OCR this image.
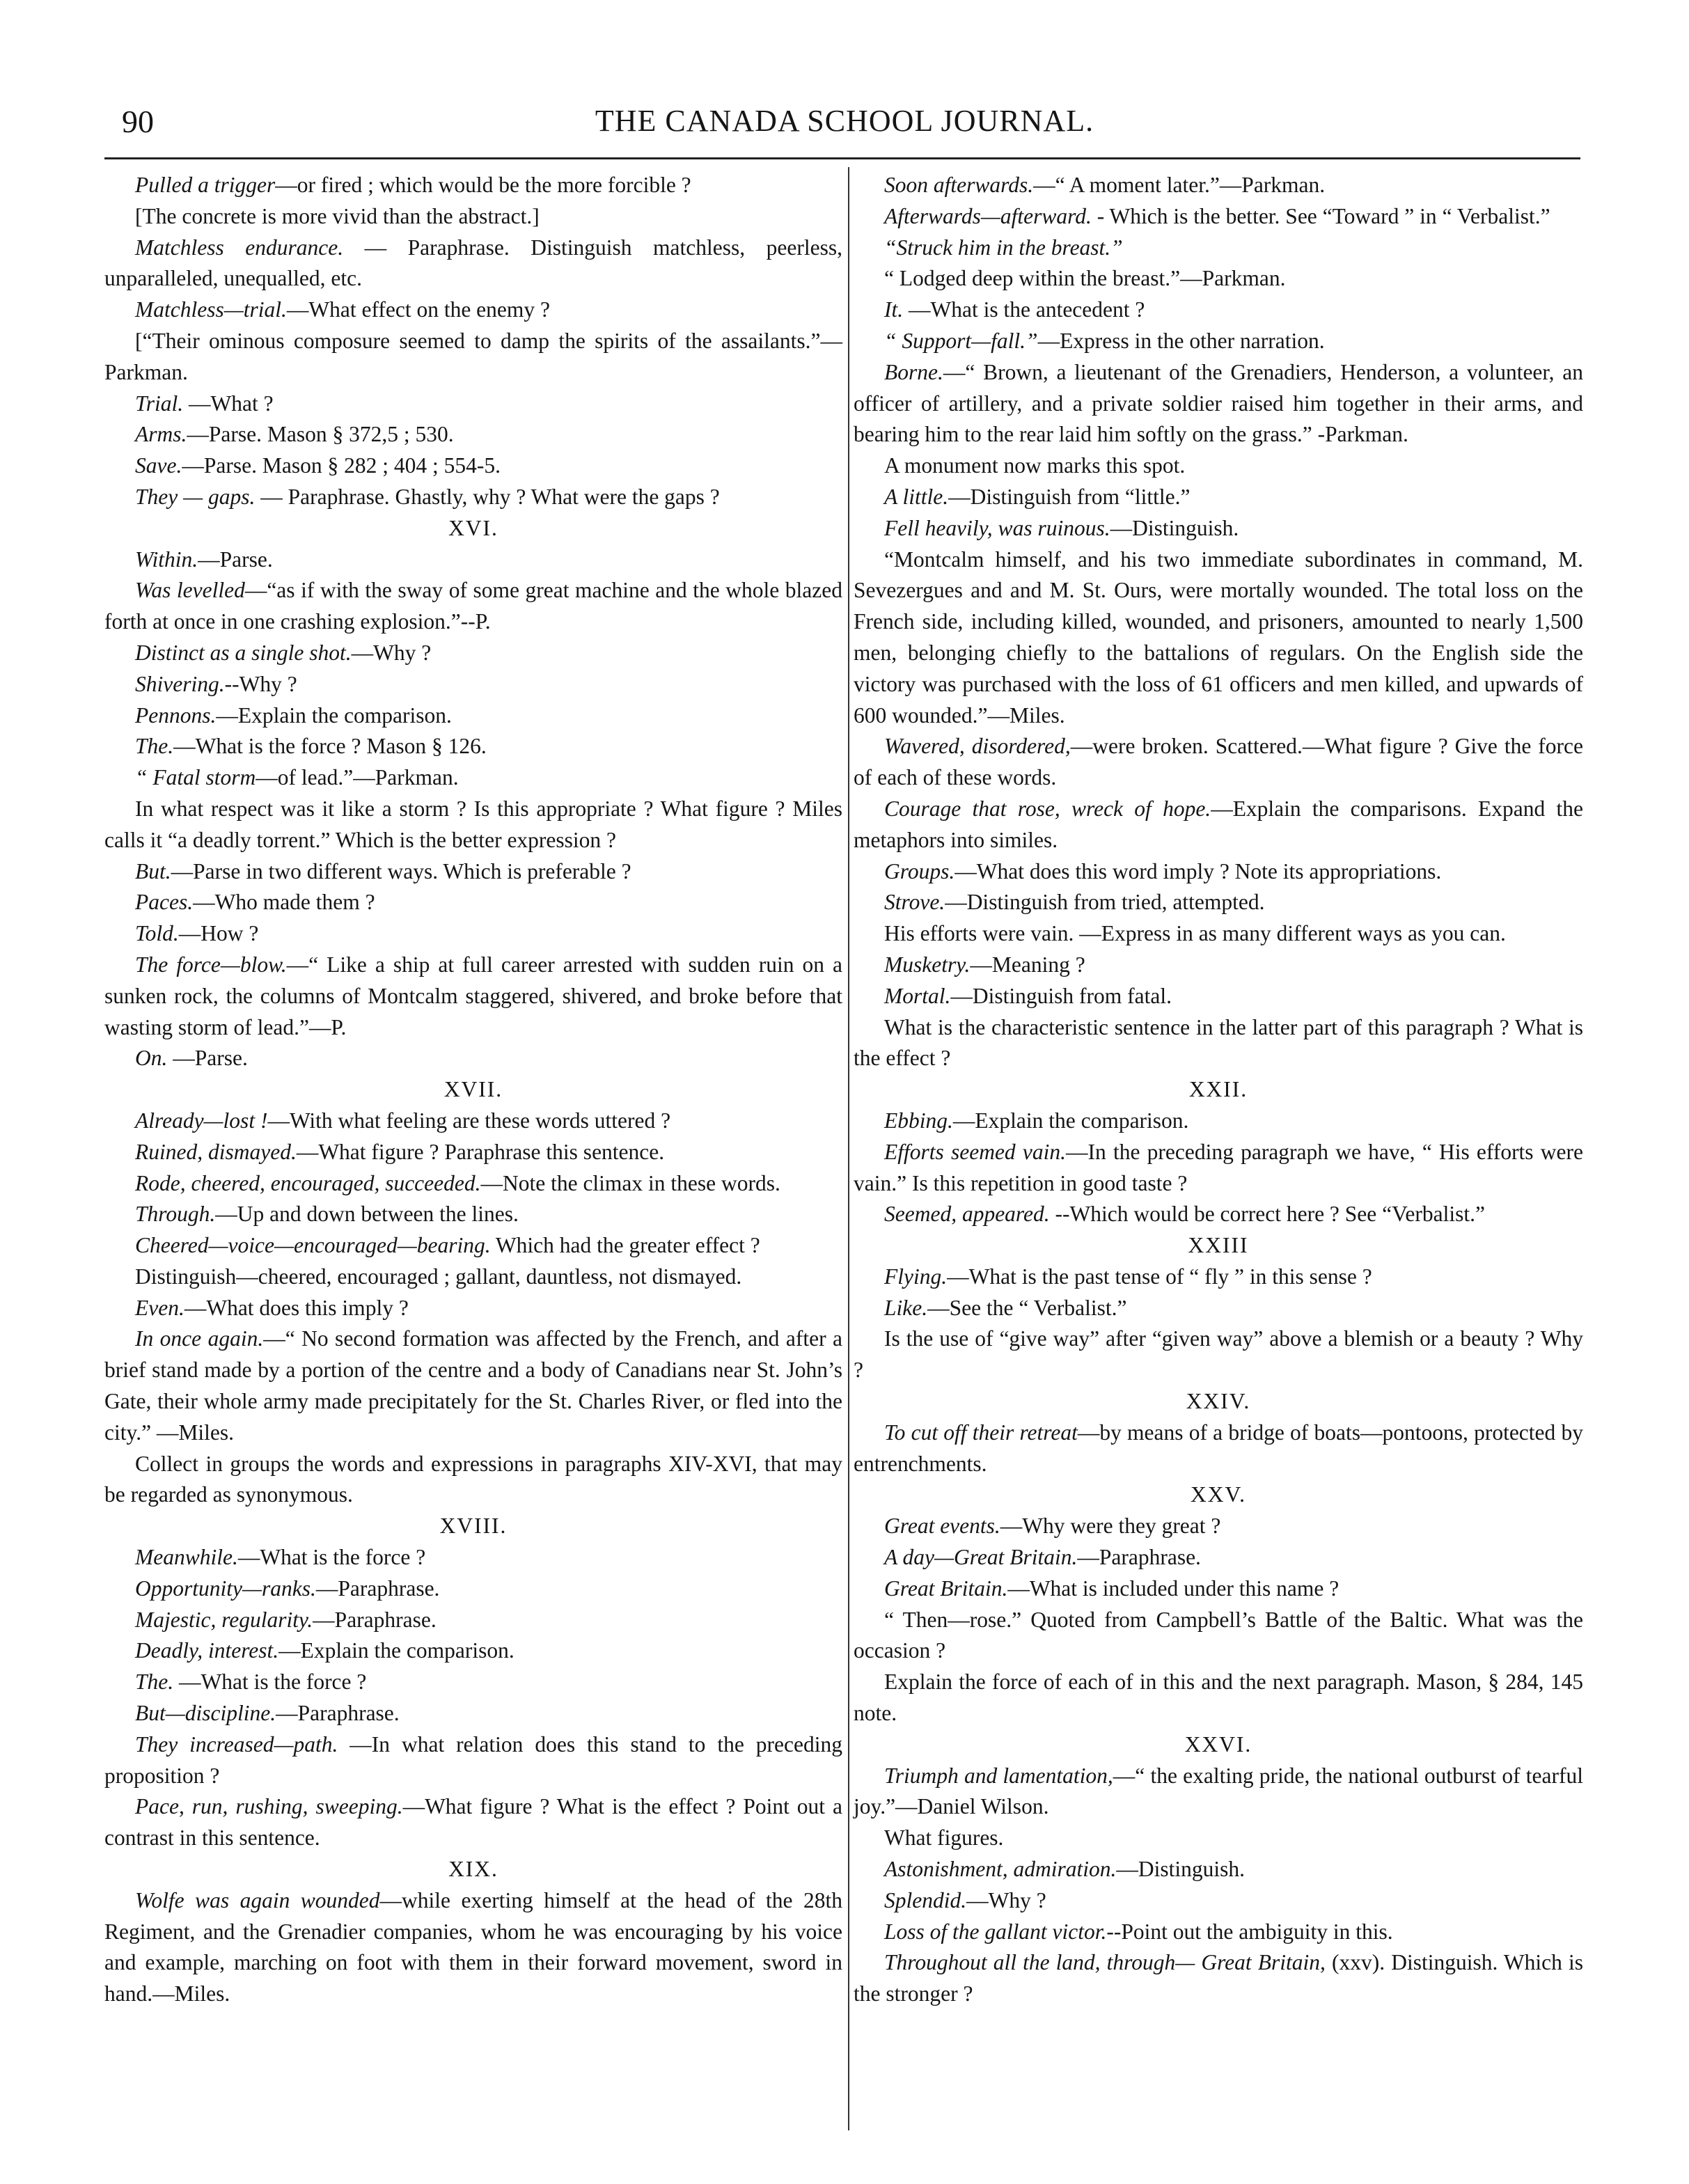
90	THE CANADA SCHOOL JOURNAL.
Pulled a trigger—or fired ; which would be the more forcible ?
[The concrete is more vivid than the abstract.]
Matchless endurance. — Paraphrase. Distinguish matchless, peerless, unparalleled, unequalled, etc.
Matchless—trial.—What effect on the enemy ?
[“Their ominous composure seemed to damp the spirits of the assailants.”—Parkman.
Trial. —What ?
Arms.—Parse. Mason § 372,5 ; 530.
Save.—Parse. Mason § 282 ; 404 ; 554-5.
They — gaps. — Paraphrase. Ghastly, why ? What were the gaps ?
XVI.
Within.—Parse.
Was levelled—“as if with the sway of some great machine and the whole blazed forth at once in one crashing explosion.”--P.
Distinct as a single shot.—Why ?
Shivering.--Why ?
Pennons.—Explain the comparison.
The.—What is the force ? Mason § 126.
“ Fatal storm—of lead.”—Parkman.
In what respect was it like a storm ? Is this appropriate ? What figure ? Miles calls it “a deadly torrent.” Which is the better expression ?
But.—Parse in two different ways. Which is preferable ?
Paces.—Who made them ?
Told.—How ?
The force—blow.—“ Like a ship at full career arrested with sudden ruin on a sunken rock, the columns of Montcalm staggered, shivered, and broke before that wasting storm of lead.”—P.
On. —Parse.
XVII.
Already—lost !—With what feeling are these words uttered ?
Ruined, dismayed.—What figure ? Paraphrase this sentence.
Rode, cheered, encouraged, succeeded.—Note the climax in these words.
Through.—Up and down between the lines.
Cheered—voice—encouraged—bearing. Which had the greater effect ?
Distinguish—cheered, encouraged ; gallant, dauntless, not dismayed.
Even.—What does this imply ?
In once again.—“ No second formation was affected by the French, and after a brief stand made by a portion of the centre and a body of Canadians near St. John’s Gate, their whole army made precipitately for the St. Charles River, or fled into the city.” —Miles.
Collect in groups the words and expressions in paragraphs XIV-XVI, that may be regarded as synonymous.
XVIII.
Meanwhile.—What is the force ?
Opportunity—ranks.—Paraphrase.
Majestic, regularity.—Paraphrase.
Deadly, interest.—Explain the comparison.
The. —What is the force ?
But—discipline.—Paraphrase.
They increased—path. —In what relation does this stand to the preceding proposition ?
Pace, run, rushing, sweeping.—What figure ? What is the effect ? Point out a contrast in this sentence.
XIX.
Wolfe was again wounded—while exerting himself at the head of the 28th Regiment, and the Grenadier companies, whom he was encouraging by his voice and example, marching on foot with them in their forward movement, sword in hand.—Miles.
Soon afterwards.—“ A moment later.”—Parkman.
Afterwards—afterward. - Which is the better. See “Toward ” in “ Verbalist.”
“Struck him in the breast.”
“ Lodged deep within the breast.”—Parkman.
It. —What is the antecedent ?
“ Support—fall.”—Express in the other narration.
Borne.—“ Brown, a lieutenant of the Grenadiers, Henderson, a volunteer, an officer of artillery, and a private soldier raised him together in their arms, and bearing him to the rear laid him softly on the grass.” -Parkman.
A monument now marks this spot.
A little.—Distinguish from “little.”
Fell heavily, was ruinous.—Distinguish.
“Montcalm himself, and his two immediate subordinates in command, M. Sevezergues and and M. St. Ours, were mortally wounded. The total loss on the French side, including killed, wounded, and prisoners, amounted to nearly 1,500 men, belonging chiefly to the battalions of regulars. On the English side the victory was purchased with the loss of 61 officers and men killed, and upwards of 600 wounded.”—Miles.
Wavered, disordered,—were broken. Scattered.—What figure ? Give the force of each of these words.
Courage that rose, wreck of hope.—Explain the comparisons. Expand the metaphors into similes.
Groups.—What does this word imply ? Note its appropriations.
Strove.—Distinguish from tried, attempted.
His efforts were vain. —Express in as many different ways as you can.
Musketry.—Meaning ?
Mortal.—Distinguish from fatal.
What is the characteristic sentence in the latter part of this paragraph ? What is the effect ?
XXII.
Ebbing.—Explain the comparison.
Efforts seemed vain.—In the preceding paragraph we have, “ His efforts were vain.” Is this repetition in good taste ?
Seemed, appeared. --Which would be correct here ? See “Verbalist.”
XXIII
Flying.—What is the past tense of “ fly ” in this sense ?
Like.—See the “ Verbalist.”
Is the use of “give way” after “given way” above a blemish or a beauty ? Why ?
XXIV.
To cut off their retreat—by means of a bridge of boats—pontoons, protected by entrenchments.
XXV.
Great events.—Why were they great ?
A day—Great Britain.—Paraphrase.
Great Britain.—What is included under this name ?
“ Then—rose.” Quoted from Campbell’s Battle of the Baltic. What was the occasion ?
Explain the force of each of in this and the next paragraph. Mason, § 284, 145 note.
XXVI.
Triumph and lamentation,—“ the exalting pride, the national outburst of tearful joy.”—Daniel Wilson.
What figures.
Astonishment, admiration.—Distinguish.
Splendid.—Why ?
Loss of the gallant victor.--Point out the ambiguity in this.
Throughout all the land, through— Great Britain, (xxv). Distinguish. Which is the stronger ?
